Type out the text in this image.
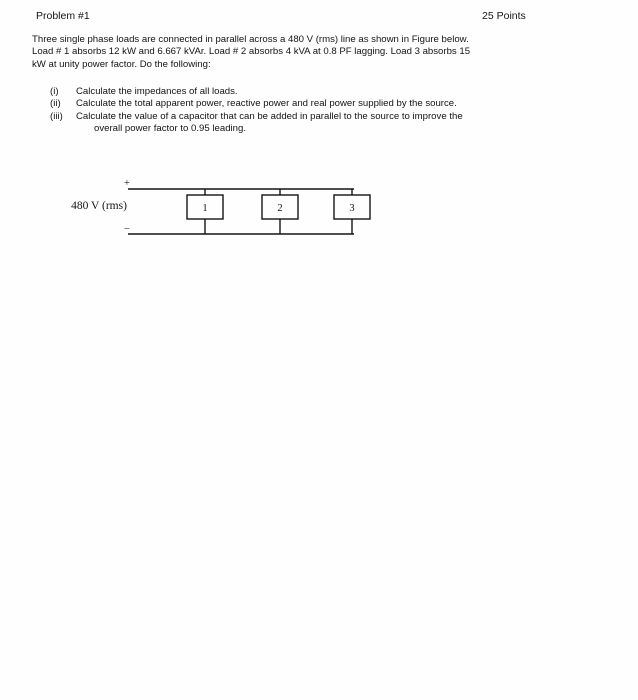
Problem #1	25 Points
Three single phase loads are connected in parallel across a 480 V (rms) line as shown in Figure below.
Load # 1 absorbs 12 kW and 6.667 kVAr. Load # 2 absorbs 4 kVA at 0.8 PF lagging. Load 3 absorbs 15
kW at unity power factor. Do the following:
(i)	Calculate the impedances of all loads.
(ii)	Calculate the total apparent power, reactive power and real power supplied by the source.
(iii)	Calculate the value of a capacitor that can be added in parallel to the source to improve the
overall power factor to 0.95 leading.
+
–
480 V (rms)	1	2	3
